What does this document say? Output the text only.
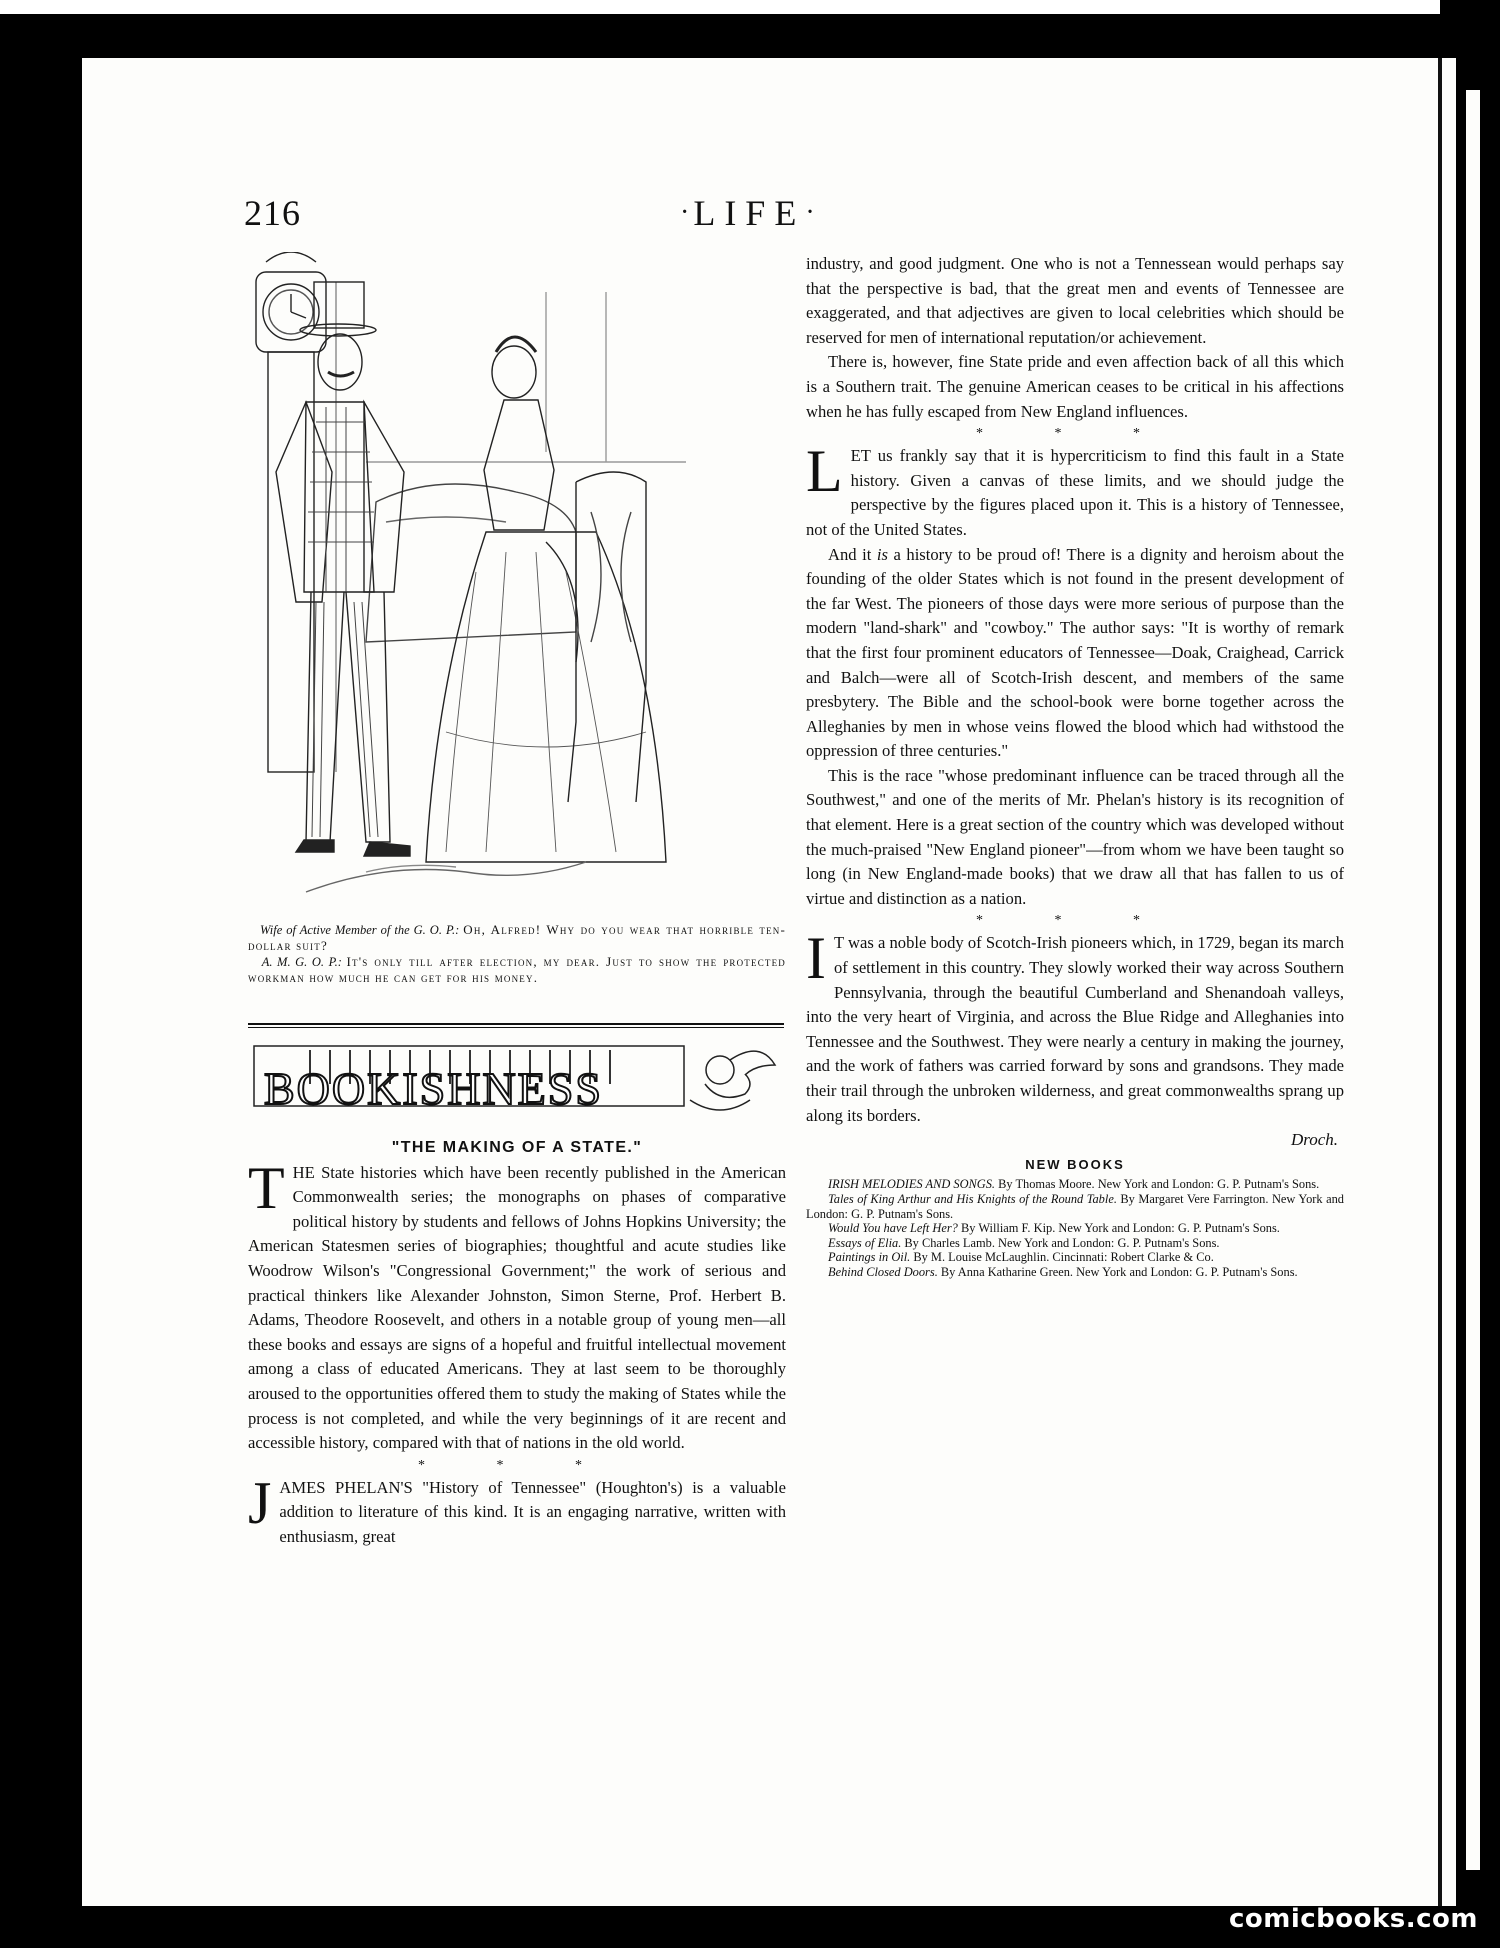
216	·LIFE·

Wife of Active Member of the G. O. P.: Oh, Alfred! Why do you wear that horrible ten-dollar suit?

A. M. G. O. P.: It's only till after election, my dear. Just to show the protected workman how much he can get for his money.

BOOKISHNESS

"THE MAKING OF A STATE."

THE State histories which have been recently published in the American Commonwealth series; the monographs on phases of comparative political history by students and fellows of Johns Hopkins University; the American Statesmen series of biographies; thoughtful and acute studies like Woodrow Wilson's "Congressional Government;" the work of serious and practical thinkers like Alexander Johnston, Simon Sterne, Prof. Herbert B. Adams, Theodore Roosevelt, and others in a notable group of young men—all these books and essays are signs of a hopeful and fruitful intellectual movement among a class of educated Americans. They at last seem to be thoroughly aroused to the opportunities offered them to study the making of States while the process is not completed, and while the very beginnings of it are recent and accessible history, compared with that of nations in the old world.

* * *

JAMES PHELAN'S "History of Tennessee" (Houghton's) is a valuable addition to literature of this kind. It is an engaging narrative, written with enthusiasm, great

industry, and good judgment. One who is not a Tennessean would perhaps say that the perspective is bad, that the great men and events of Tennessee are exaggerated, and that adjectives are given to local celebrities which should be reserved for men of international reputation/or achievement.

There is, however, fine State pride and even affection back of all this which is a Southern trait. The genuine American ceases to be critical in his affections when he has fully escaped from New England influences.

* * *

LET us frankly say that it is hypercriticism to find this fault in a State history. Given a canvas of these limits, and we should judge the perspective by the figures placed upon it. This is a history of Tennessee, not of the United States.

And it is a history to be proud of! There is a dignity and heroism about the founding of the older States which is not found in the present development of the far West. The pioneers of those days were more serious of purpose than the modern "land-shark" and "cowboy." The author says: "It is worthy of remark that the first four prominent educators of Tennessee—Doak, Craighead, Carrick and Balch—were all of Scotch-Irish descent, and members of the same presbytery. The Bible and the school-book were borne together across the Alleghanies by men in whose veins flowed the blood which had withstood the oppression of three centuries."

This is the race "whose predominant influence can be traced through all the Southwest," and one of the merits of Mr. Phelan's history is its recognition of that element. Here is a great section of the country which was developed without the much-praised "New England pioneer"—from whom we have been taught so long (in New England-made books) that we draw all that has fallen to us of virtue and distinction as a nation.

* * *

I T was a noble body of Scotch-Irish pioneers which, in 1729, began its march of settlement in this country. They slowly worked their way across Southern Pennsylvania, through the beautiful Cumberland and Shenandoah valleys, into the very heart of Virginia, and across the Blue Ridge and Alleghanies into Tennessee and the Southwest. They were nearly a century in making the journey, and the work of fathers was carried forward by sons and grandsons. They made their trail through the unbroken wilderness, and great commonwealths sprang up along its borders.

Droch.

NEW BOOKS

IRISH MELODIES AND SONGS. By Thomas Moore. New York and London: G. P. Putnam's Sons.

Tales of King Arthur and His Knights of the Round Table. By Margaret Vere Farrington. New York and London: G. P. Putnam's Sons.

Would You have Left Her? By William F. Kip. New York and London: G. P. Putnam's Sons.

Essays of Elia. By Charles Lamb. New York and London: G. P. Putnam's Sons.

Paintings in Oil. By M. Louise McLaughlin. Cincinnati: Robert Clarke & Co.

Behind Closed Doors. By Anna Katharine Green. New York and London: G. P. Putnam's Sons.

comicbooks.com
